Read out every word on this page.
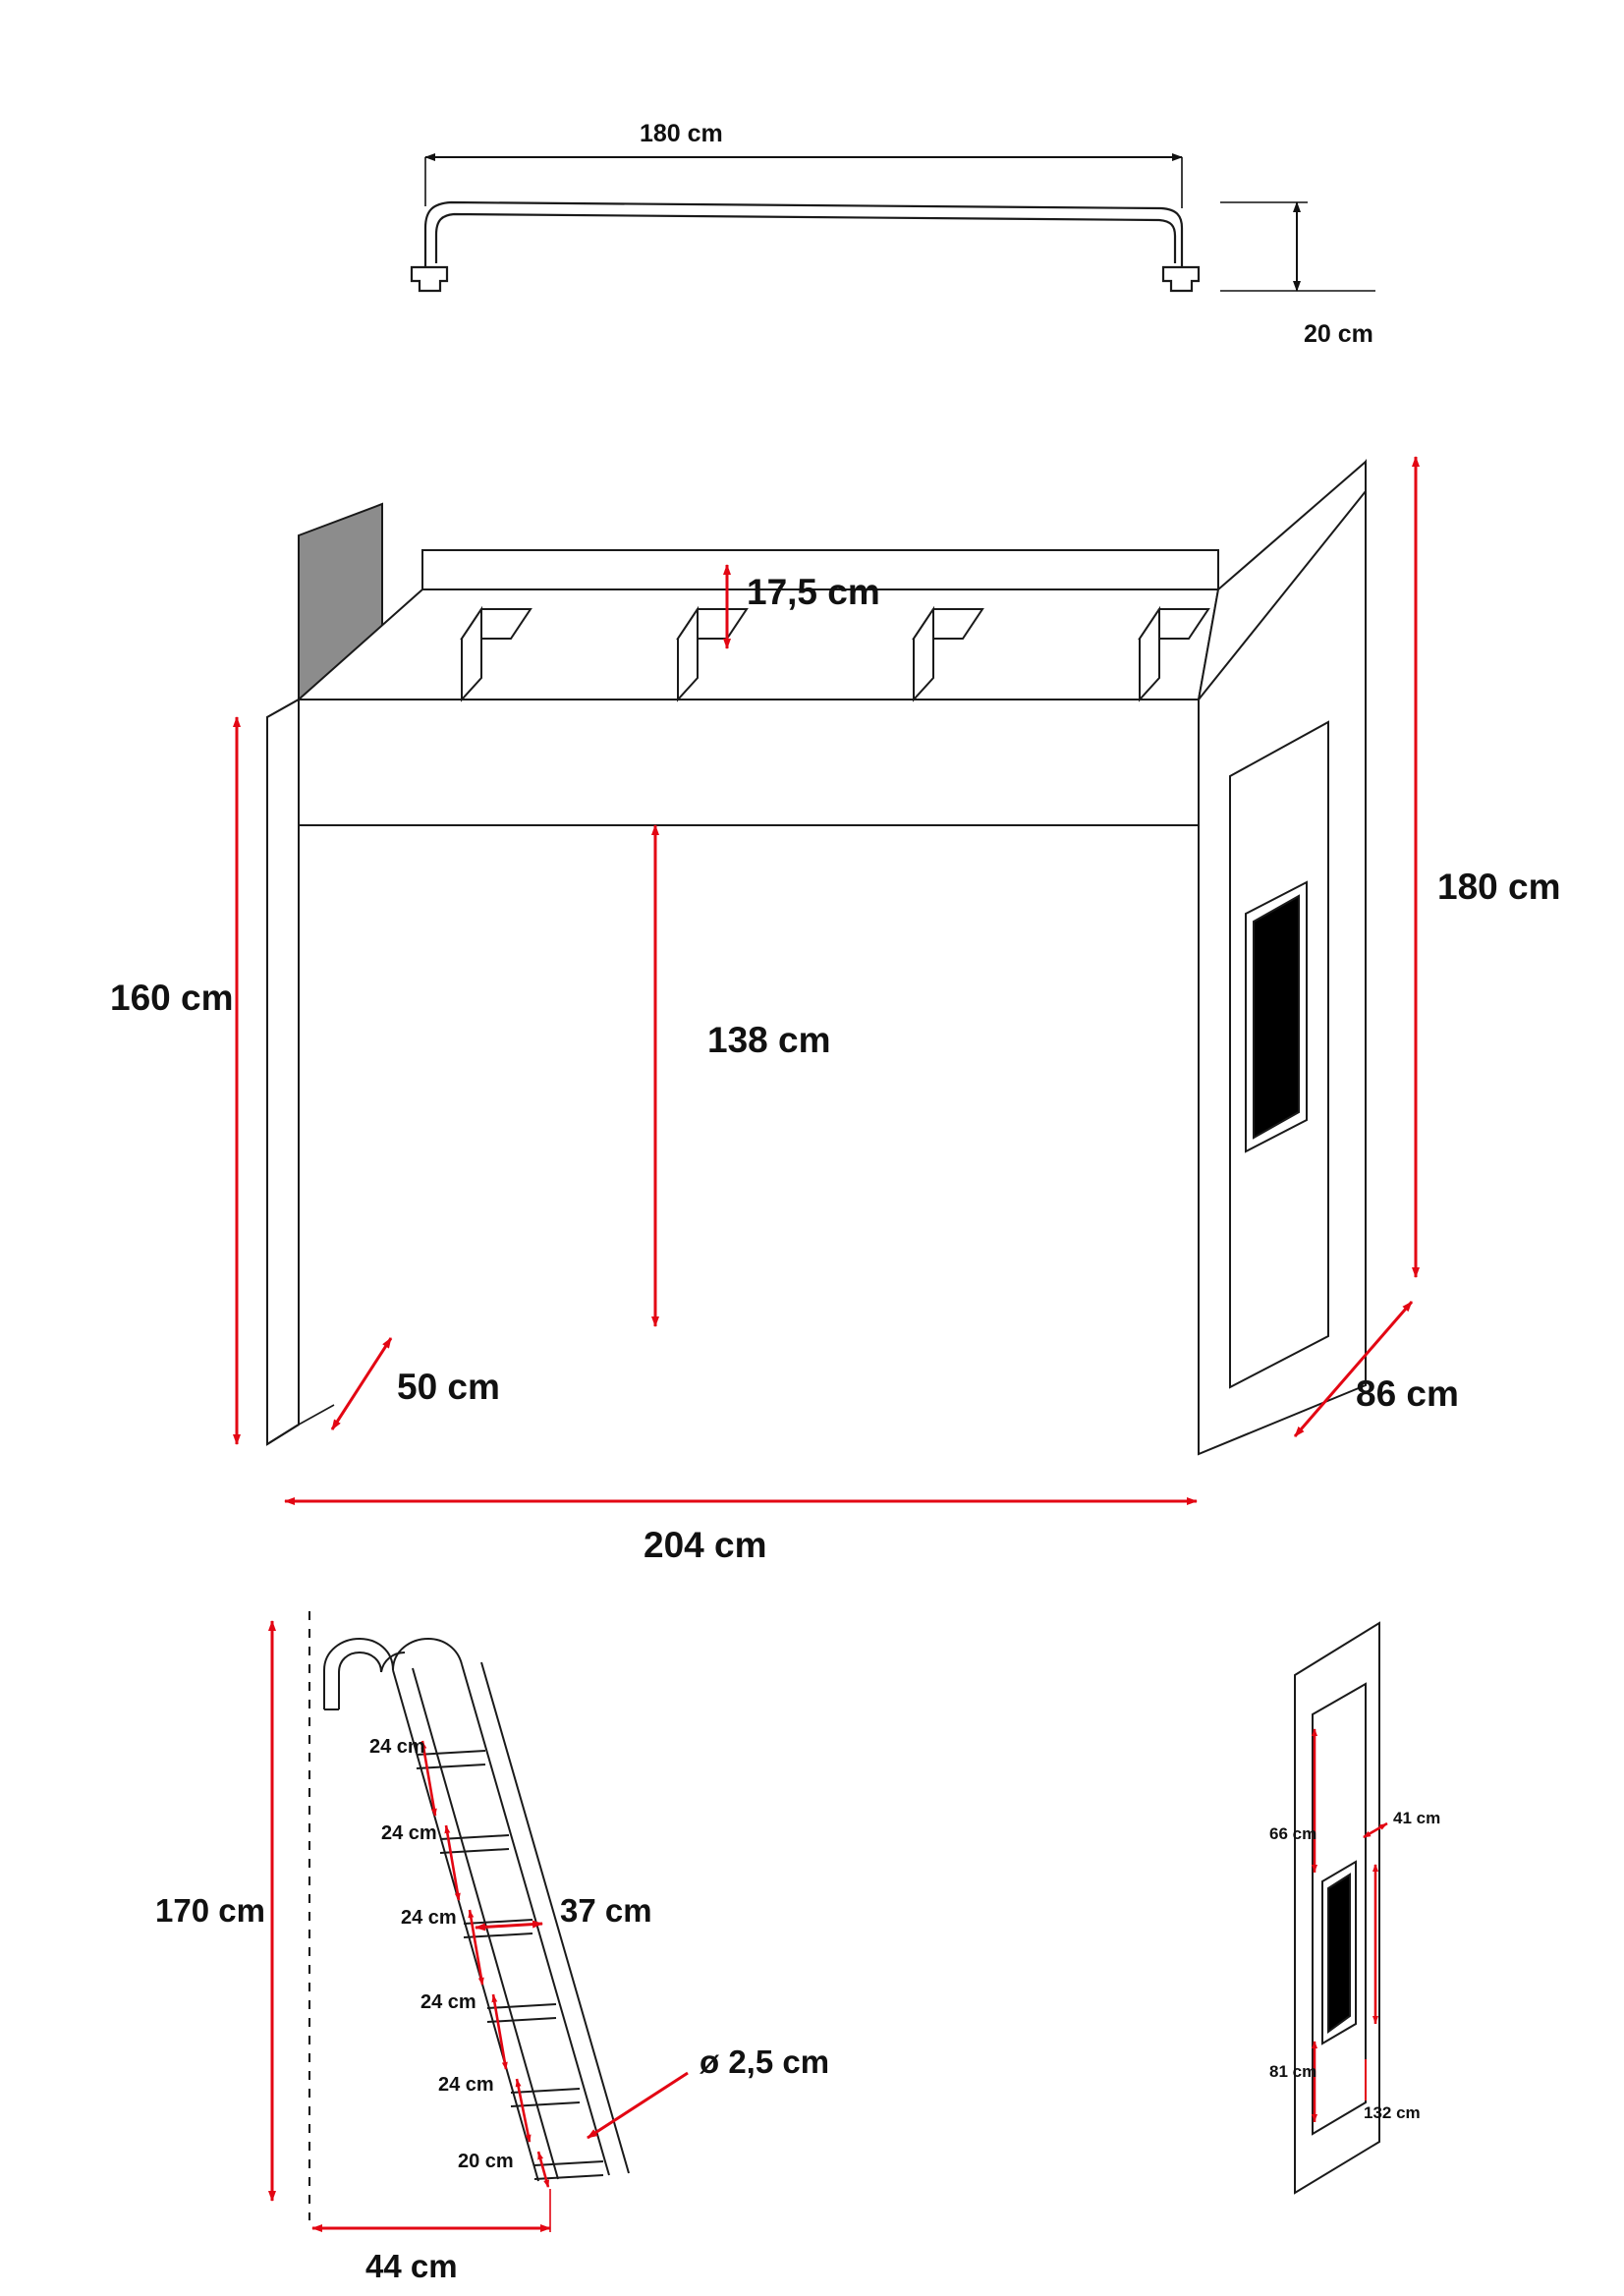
180 cm
20 cm
17,5 cm
180 cm
160 cm
138 cm
50 cm	86 cm
204 cm
170 cm
24 cm
24 cm
24 cm
24 cm
24 cm
20 cm
37 cm
ø 2,5 cm
44 cm
66 cm
41 cm
81 cm
132 cm
